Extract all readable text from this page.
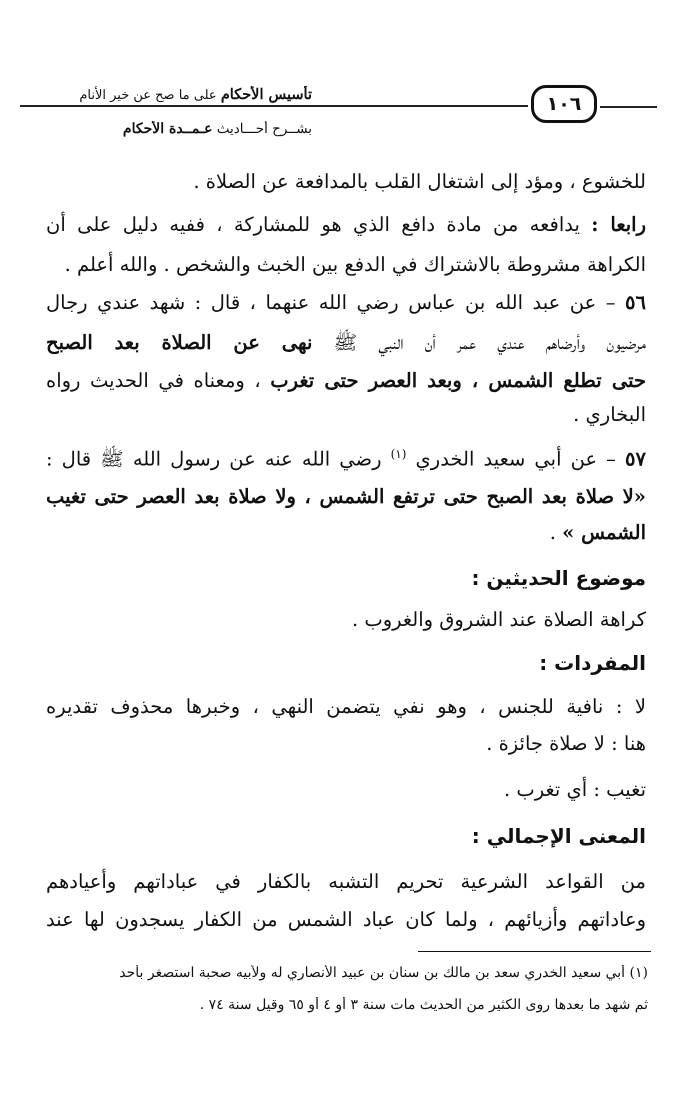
تأسيس الأحكام على ما صح عن خير الأنام	١٠٦
بشــرح أحـــاديث عـمــدة الأحكام
للخشوع ، ومؤد إلى اشتغال القلب بالمدافعة عن الصلاة .
رابعا : يدافعه من مادة دافع الذي هو للمشاركة ، ففيه دليل على أن
الكراهة مشروطة بالاشتراك في الدفع بين الخبث والشخص . والله أعلم .
٥٦ – عن عبد الله بن عباس رضي الله عنهما ، قال : شهد عندي رجال
مرضيون وأرضاهم عندي عمر أن النبي ﷺ نهى عن الصلاة بعد الصبح
حتى تطلع الشمس ، وبعد العصر حتى تغرب ، ومعناه في الحديث رواه
البخاري .
٥٧ – عن أبي سعيد الخدري $^{(١)}$ رضي الله عنه عن رسول الله ﷺ قال :
«لا صلاة بعد الصبح حتى ترتفع الشمس ، ولا صلاة بعد العصر حتى تغيب
الشمس » .
موضوع الحديثين :
كراهة الصلاة عند الشروق والغروب .
المفردات :
لا : نافية للجنس ، وهو نفي يتضمن النهي ، وخبرها محذوف تقديره
هنا : لا صلاة جائزة .
تغيب : أي تغرب .
المعنى الإجمالي :
من القواعد الشرعية تحريم التشبه بالكفار في عباداتهم وأعيادهم
وعاداتهم وأزيائهم ، ولما كان عباد الشمس من الكفار يسجدون لها عند
(١) أبي سعيد الخدري سعد بن مالك بن سنان بن عبيد الأنصاري له ولأبيه صحبة استصغر بأحد
ثم شهد ما بعدها روى الكثير من الحديث مات سنة ٣ أو ٤ أو ٦٥ وقيل سنة ٧٤ .
